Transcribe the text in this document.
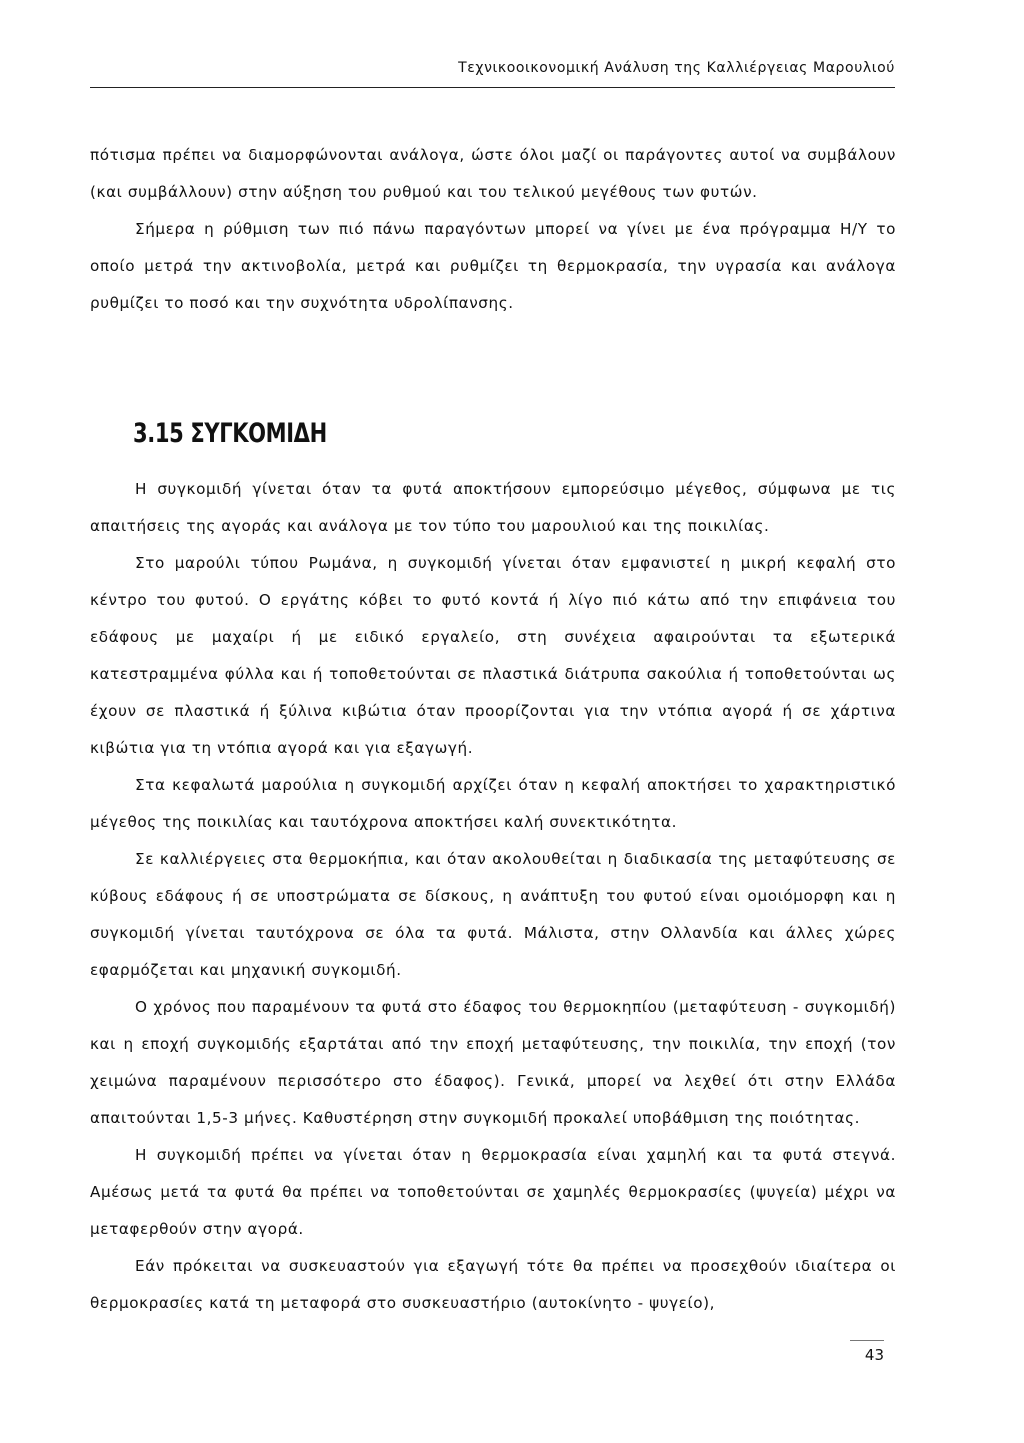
Τεχνικοοικονομική Ανάλυση της Καλλιέργειας Μαρουλιού

πότισμα πρέπει να διαμορφώνονται ανάλογα, ώστε όλοι μαζί οι παράγοντες αυτοί να συμβάλουν (και συμβάλλουν) στην αύξηση του ρυθμού και του τελικού μεγέθους των φυτών.

Σήμερα η ρύθμιση των πιό πάνω παραγόντων μπορεί να γίνει με ένα πρόγραμμα Η/Υ το οποίο μετρά την ακτινοβολία, μετρά και ρυθμίζει τη θερμοκρασία, την υγρασία και ανάλογα ρυθμίζει το ποσό και την συχνότητα υδρολίπανσης.

3.15 ΣΥΓΚΟΜΙΔΗ

Η συγκομιδή γίνεται όταν τα φυτά αποκτήσουν εμπορεύσιμο μέγεθος, σύμφωνα με τις απαιτήσεις της αγοράς και ανάλογα με τον τύπο του μαρουλιού και της ποικιλίας.

Στο μαρούλι τύπου Ρωμάνα, η συγκομιδή γίνεται όταν εμφανιστεί η μικρή κεφαλή στο κέντρο του φυτού. Ο εργάτης κόβει το φυτό κοντά ή λίγο πιό κάτω από την επιφάνεια του εδάφους με μαχαίρι ή με ειδικό εργαλείο, στη συνέχεια αφαιρούνται τα εξωτερικά κατεστραμμένα φύλλα και ή τοποθετούνται σε πλαστικά διάτρυπα σακούλια ή τοποθετούνται ως έχουν σε πλαστικά ή ξύλινα κιβώτια όταν προορίζονται για την ντόπια αγορά ή σε χάρτινα κιβώτια για τη ντόπια αγορά και για εξαγωγή.

Στα κεφαλωτά μαρούλια η συγκομιδή αρχίζει όταν η κεφαλή αποκτήσει το χαρακτηριστικό μέγεθος της ποικιλίας και ταυτόχρονα αποκτήσει καλή συνεκτικότητα.

Σε καλλιέργειες στα θερμοκήπια, και όταν ακολουθείται η διαδικασία της μεταφύτευσης σε κύβους εδάφους ή σε υποστρώματα σε δίσκους, η ανάπτυξη του φυτού είναι ομοιόμορφη και η συγκομιδή γίνεται ταυτόχρονα σε όλα τα φυτά. Μάλιστα, στην Ολλανδία και άλλες χώρες εφαρμόζεται και μηχανική συγκομιδή.

Ο χρόνος που παραμένουν τα φυτά στο έδαφος του θερμοκηπίου (μεταφύτευση - συγκομιδή) και η εποχή συγκομιδής εξαρτάται από την εποχή μεταφύτευσης, την ποικιλία, την εποχή (τον χειμώνα παραμένουν περισσότερο στο έδαφος). Γενικά, μπορεί να λεχθεί ότι στην Ελλάδα απαιτούνται 1,5-3 μήνες. Καθυστέρηση στην συγκομιδή προκαλεί υποβάθμιση της ποιότητας.

Η συγκομιδή πρέπει να γίνεται όταν η θερμοκρασία είναι χαμηλή και τα φυτά στεγνά. Αμέσως μετά τα φυτά θα πρέπει να τοποθετούνται σε χαμηλές θερμοκρασίες (ψυγεία) μέχρι να μεταφερθούν στην αγορά.

Εάν πρόκειται να συσκευαστούν για εξαγωγή τότε θα πρέπει να προσεχθούν ιδιαίτερα οι θερμοκρασίες κατά τη μεταφορά στο συσκευαστήριο (αυτοκίνητο - ψυγείο),

43
